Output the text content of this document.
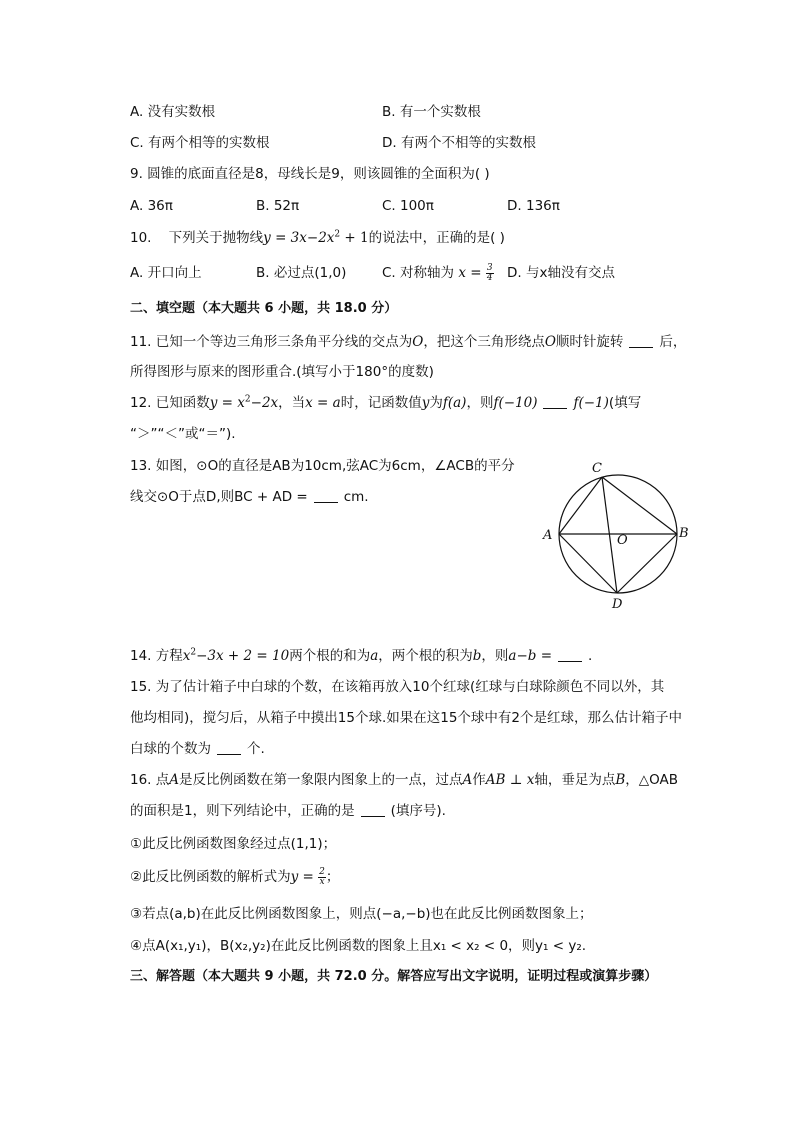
A. 没有实数根	B. 有一个实数根
C. 有两个相等的实数根	D. 有两个不相等的实数根
9. 圆锥的底面直径是8，母线长是9，则该圆锥的全面积为( )
A. 36π	B. 52π	C. 100π	D. 136π
10. 下列关于抛物线$y = 3x-2x^2 + 1$的说法中，正确的是( )
A. 开口向上	B. 必过点(1,0)	C. 对称轴为 $x = \frac{3}{4} D$. 与x轴没有交点
二、填空题（本大题共 6 小题，共 18.0 分）
11. 已知一个等边三角形三条角平分线的交点为O，把这个三角形绕点O顺时针旋转	后，
所得图形与原来的图形重合.(填写小于180°的度数)
12. 已知函数$y = x^2-2x$，当x = a时，记函数值y为f(a)，则f(−10)	f(−1)(填写
“＞”“＜”或“＝”).
13. 如图，⊙O的直径是AB为10cm,弦AC为6cm，∠ACB的平分
线交⊙O于点D,则BC + AD =	cm.
C
A	O	B
D
14. 方程$x^2-3x + 2 = 10$两个根的和为a，两个根的积为b，则a−b =	.
15. 为了估计箱子中白球的个数，在该箱再放入10个红球(红球与白球除颜色不同以外，其
他均相同)，搅匀后，从箱子中摸出15个球.如果在这15个球中有2个是红球，那么估计箱子中
白球的个数为	个.
16. 点A是反比例函数在第一象限内图象上的一点，过点A作AB ⊥ x轴，垂足为点B，△OAB
的面积是1，则下列结论中，正确的是	(填序号).
①此反比例函数图象经过点(1,1)；
②此反比例函数的解析式为$y = \frac{2}{x}$ ；
③若点(a,b)在此反比例函数图象上，则点(−a,−b)也在此反比例函数图象上；
④点A(x₁,y₁)，B(x₂,y₂)在此反比例函数的图象上且x₁ < x₂ < 0，则y₁ < y₂.
三、解答题（本大题共 9 小题，共 72.0 分。解答应写出文字说明，证明过程或演算步骤）
